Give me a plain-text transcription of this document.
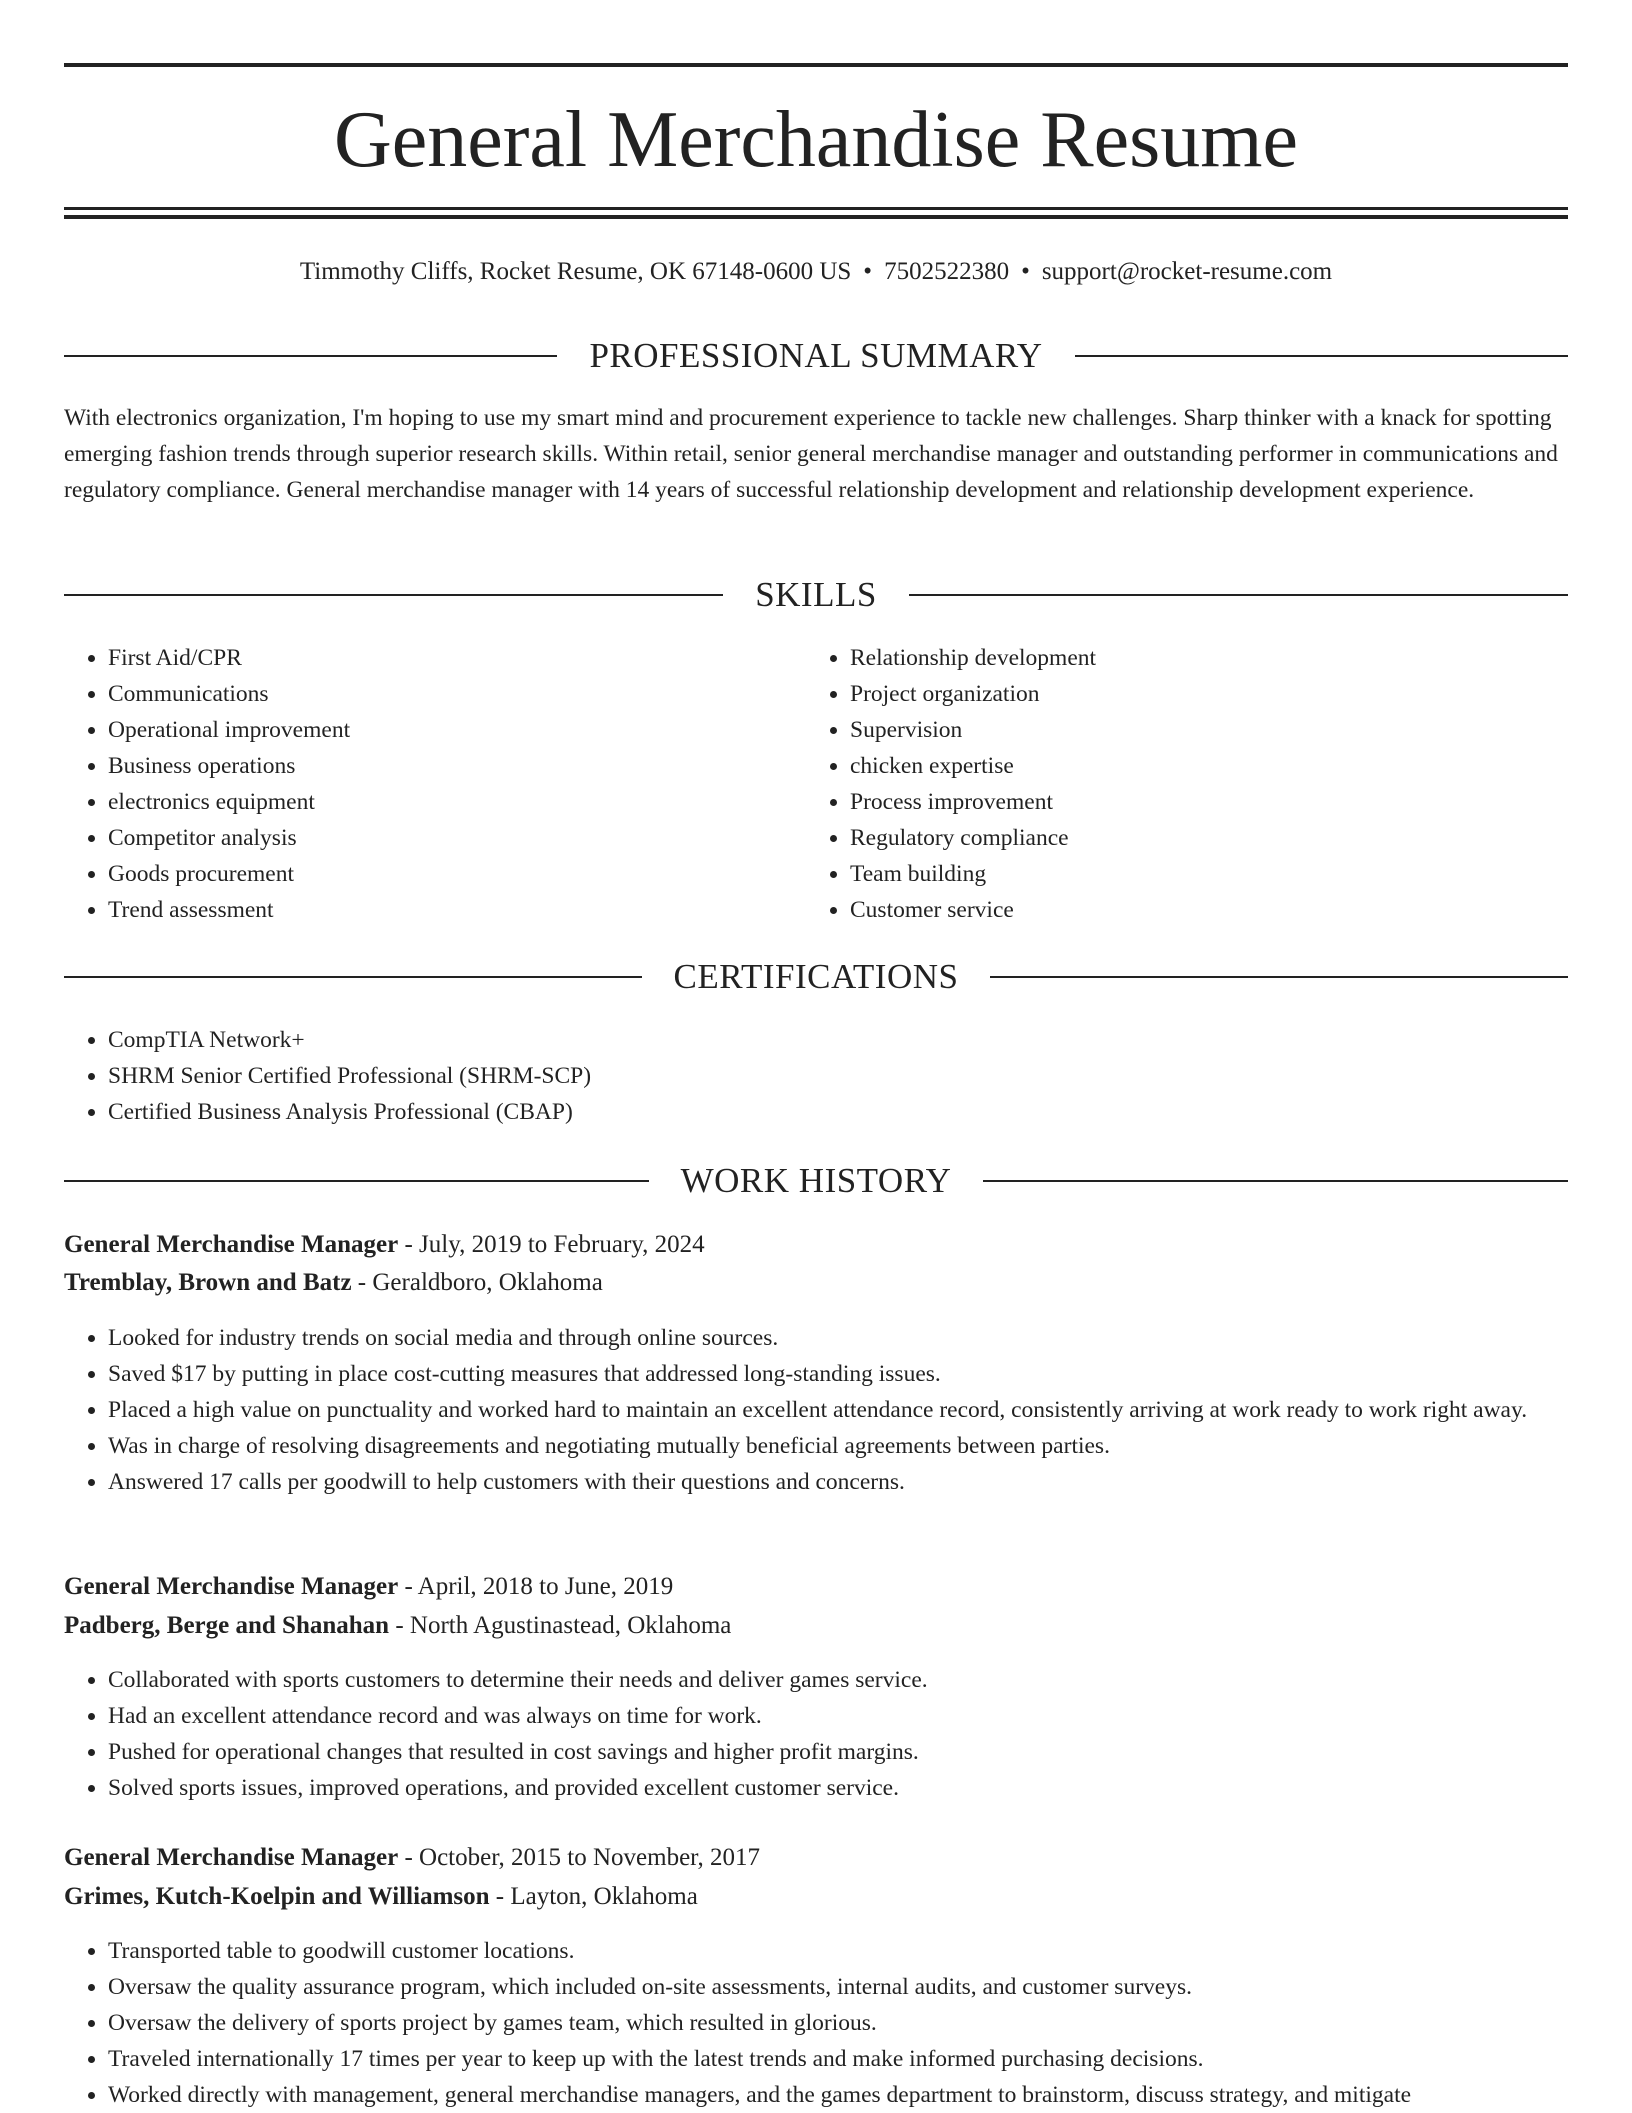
General Merchandise Resume
Timmothy Cliffs, Rocket Resume, OK 67148-0600 US • 7502522380 • support@rocket-resume.com
PROFESSIONAL SUMMARY

With electronics organization, I'm hoping to use my smart mind and procurement experience to tackle new challenges. Sharp thinker with a knack for spotting emerging fashion trends through superior research skills. Within retail, senior general merchandise manager and outstanding performer in communications and regulatory compliance. General merchandise manager with 14 years of successful relationship development and relationship development experience.

SKILLS
• First Aid/CPR
• Communications
• Operational improvement
• Business operations
• electronics equipment
• Competitor analysis
• Goods procurement
• Trend assessment
• Relationship development
• Project organization
• Supervision
• chicken expertise
• Process improvement
• Regulatory compliance
• Team building
• Customer service
CERTIFICATIONS
• CompTIA Network+
• SHRM Senior Certified Professional (SHRM-SCP)
• Certified Business Analysis Professional (CBAP)
WORK HISTORY
General Merchandise Manager - July, 2019 to February, 2024
Tremblay, Brown and Batz - Geraldboro, Oklahoma
• Looked for industry trends on social media and through online sources.
• Saved $17 by putting in place cost-cutting measures that addressed long-standing issues.
• Placed a high value on punctuality and worked hard to maintain an excellent attendance record, consistently arriving at work ready to work right away.
• Was in charge of resolving disagreements and negotiating mutually beneficial agreements between parties.
• Answered 17 calls per goodwill to help customers with their questions and concerns.
General Merchandise Manager - April, 2018 to June, 2019
Padberg, Berge and Shanahan - North Agustinastead, Oklahoma
• Collaborated with sports customers to determine their needs and deliver games service.
• Had an excellent attendance record and was always on time for work.
• Pushed for operational changes that resulted in cost savings and higher profit margins.
• Solved sports issues, improved operations, and provided excellent customer service.
General Merchandise Manager - October, 2015 to November, 2017
Grimes, Kutch-Koelpin and Williamson - Layton, Oklahoma
• Transported table to goodwill customer locations.
• Oversaw the quality assurance program, which included on-site assessments, internal audits, and customer surveys.
• Oversaw the delivery of sports project by games team, which resulted in glorious.
• Traveled internationally 17 times per year to keep up with the latest trends and make informed purchasing decisions.
• Worked directly with management, general merchandise managers, and the games department to brainstorm, discuss strategy, and mitigate
